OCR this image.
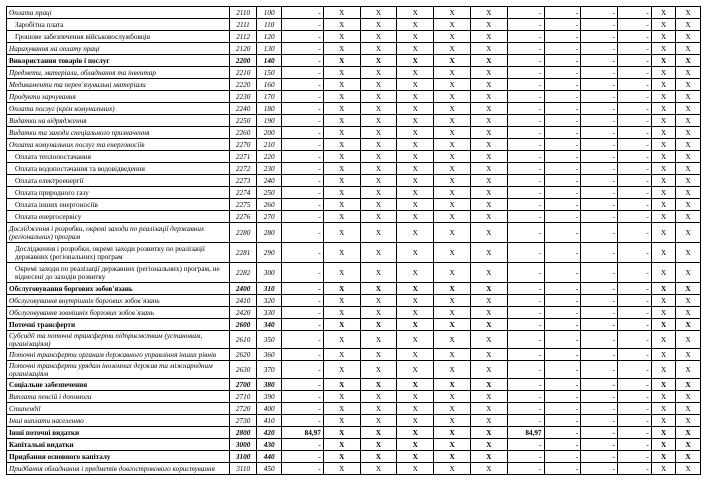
Оплата праці	2110	100	-	X	X	X	X	X	-	-	-	-	X	X
Заробітна плата	2111	110	-	X	X	X	X	X	-	-	-	-	X	X
Грошове забезпечення військовослужбовців	2112	120	-	X	X	X	X	X	-	-	-	-	X	X
Нарахування на оплату праці	2120	130	-	X	X	X	X	X	-	-	-	-	X	X
Використання товарів і послуг	2200	140	-	X	X	X	X	X	-	-	-	-	X	X
Предмети, матеріали, обладнання та інвентар	2210	150	-	X	X	X	X	X	-	-	-	-	X	X
Медикаменти та перев`язувальні матеріали	2220	160	-	X	X	X	X	X	-	-	-	-	X	X
Продукти харчування	2230	170	-	X	X	X	X	X	-	-	-	-	X	X
Оплата послуг (крім комунальних)	2240	180	-	X	X	X	X	X	-	-	-	-	X	X
Видатки на відрядження	2250	190	-	X	X	X	X	X	-	-	-	-	X	X
Видатки та заходи спеціального призначення	2260	200	-	X	X	X	X	X	-	-	-	-	X	X
Оплата комунальних послуг та енергоносіїв	2270	210	-	X	X	X	X	X	-	-	-	-	X	X
Оплата теплопостачання	2271	220	-	X	X	X	X	X	-	-	-	-	X	X
Оплата водопостачання та водовідведення	2272	230	-	X	X	X	X	X	-	-	-	-	X	X
Оплата електроенергії	2273	240	-	X	X	X	X	X	-	-	-	-	X	X
Оплата природного газу	2274	250	-	X	X	X	X	X	-	-	-	-	X	X
Оплата інших енергоносіїв	2275	260	-	X	X	X	X	X	-	-	-	-	X	X
Оплата енергосервісу	2276	270	-	X	X	X	X	X	-	-	-	-	X	X
Дослідження і розробки, окремі заходи по реалізації державних (регіональних) програм	2280	280	-	X	X	X	X	X	-	-	-	-	X	X
Дослідження і розробки, окремі заходи розвитку по реалізації державних (регіональних) програм	2281	290	-	X	X	X	X	X	-	-	-	-	X	X
Окремі заходи по реалізації державних (регіональних) програм, не віднесені до заходів розвитку	2282	300	-	X	X	X	X	X	-	-	-	-	X	X
Обслуговування боргових зобов'язань	2400	310	-	X	X	X	X	X	-	-	-	-	X	X
Обслуговування внутрішніх боргових зобов`язань	2410	320	-	X	X	X	X	X	-	-	-	-	X	X
Обслуговування зовнішніх боргових зобов`язань	2420	330	-	X	X	X	X	X	-	-	-	-	X	X
Поточні трансферти	2600	340	-	X	X	X	X	X	-	-	-	-	X	X
Субсидії та поточні трансферти підприємствам (установам, організаціям)	2610	350	-	X	X	X	X	X	-	-	-	-	X	X
Поточні трансферти органам державного управління інших рівнів	2620	360	-	X	X	X	X	X	-	-	-	-	X	X
Поточні трансферти урядам іноземних держав та міжнародним організаціям	2630	370	-	X	X	X	X	X	-	-	-	-	X	X
Соціальне забезпечення	2700	380	-	X	X	X	X	X	-	-	-	-	X	X
Виплата пенсій і допомоги	2710	390	-	X	X	X	X	X	-	-	-	-	X	X
Стипендії	2720	400	-	X	X	X	X	X	-	-	-	-	X	X
Інші виплати населенню	2730	410	-	X	X	X	X	X	-	-	-	-	X	X
Інші поточні видатки	2800	420	84,97	X	X	X	X	X	84,97	-	-	-	X	X
Капітальні видатки	3000	430	-	X	X	X	X	X	-	-	-	-	X	X
Придбання основного капіталу	3100	440	-	X	X	X	X	X	-	-	-	-	X	X
Придбання обладнання і предметів довгострокового користування	3110	450	-	X	X	X	X	X	-	-	-	-	X	X
